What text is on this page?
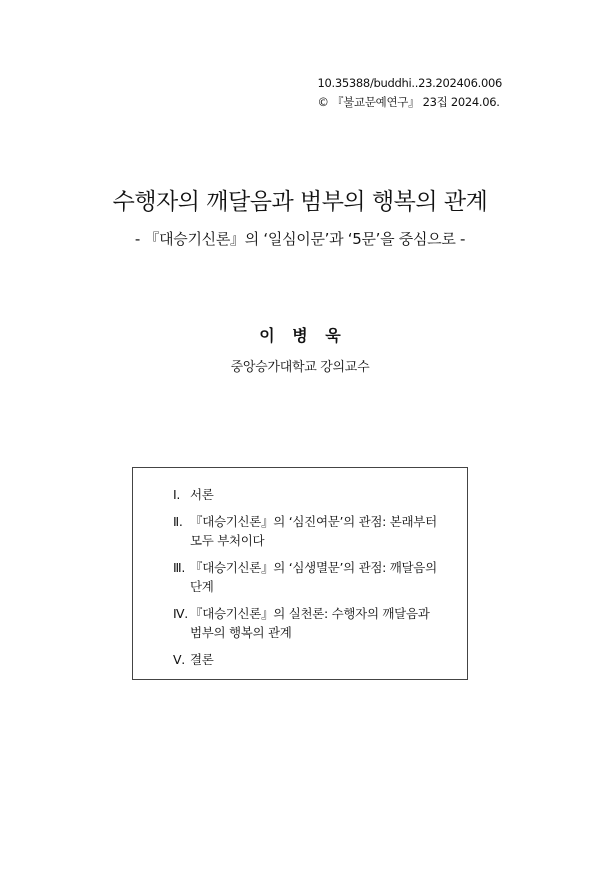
10.35388/buddhi..23.202406.006
© 『불교문예연구』 23집 2024.06.
수행자의 깨달음과 범부의 행복의 관계
- 『대승기신론』의 ‘일심이문’과 ‘5문’을 중심으로 -
이 병 욱
중앙승가대학교 강의교수
Ⅰ. 서론
Ⅱ. 『대승기신론』의 ‘심진여문’의 관점: 본래부터 모두 부처이다
Ⅲ. 『대승기신론』의 ‘심생멸문’의 관점: 깨달음의 단계
Ⅳ. 『대승기신론』의 실천론: 수행자의 깨달음과 범부의 행복의 관계
Ⅴ. 결론
